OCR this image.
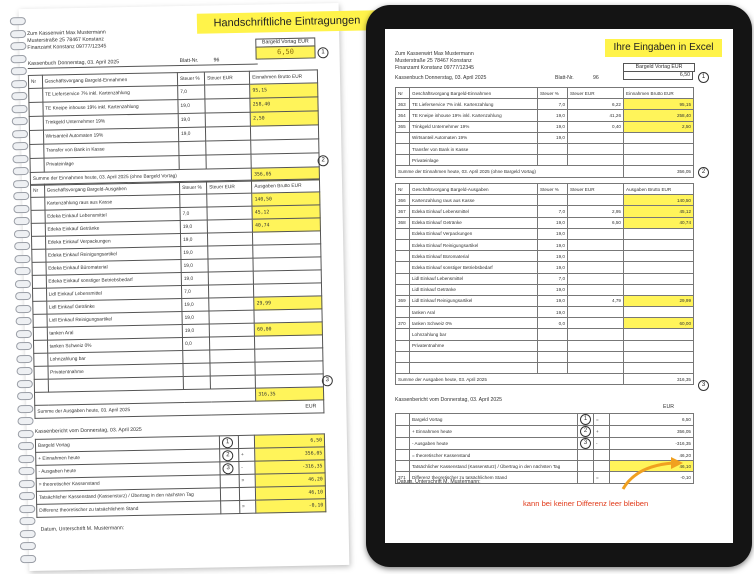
Handschriftliche Eintragungen
Zum Kassenwirt Max Mustermann
Musterstraße 25 78467 Konstanz
Finanzamt Konstanz 09777/12345
Bargeld Vortag EUR
6,50	1
Kassenbuch Donnerstag, 03. April 2025	Blatt-Nr.	96
Nr	Geschäftsvorgang Bargeld-Einnahmen	Steuer %	Steuer EUR	Einnahmen Brutto EUR
	TE Lieferservice 7% inkl. Kartenzahlung	7,0		95,15
	TE Kneipe inhouse 19% inkl. Kartenzahlung	19,0		258,40
	Trinkgeld Unternehmer 19%	19,0		2,50
	Wirtsanteil Automaten 19%	19,0		
	Transfer von Bank in Kasse			
	Privateinlage			
Summe der Einnahmen heute, 03. April 2025 (ohne Bargeld Vortag)				356,05
2
Nr	Geschäftsvorgang Bargeld-Ausgaben	Steuer %	Steuer EUR	Ausgaben Brutto EUR
	Kartenzahlung raus aus Kasse			140,50
	Edeka Einkauf Lebensmittel	7,0		45,12
	Edeka Einkauf Getränke	19,0		40,74
	Edeka Einkauf Verpackungen	19,0		
	Edeka Einkauf Reinigungsartikel	19,0		
	Edeka Einkauf Büromaterial	19,0		
	Edeka Einkauf sonstiger Betriebsbedarf	19,0		
	Lidl Einkauf Lebensmittel	7,0		
	Lidl Einkauf Getränke	19,0		29,99
	Lidl Einkauf Reinigungsartikel	19,0		
	tanken Aral	19,0		60,00
	tanken Schweiz 0%	0,0		
	Lohnzahlung bar			
	Privatentnahme			

				316,35
Summe der Ausgaben heute, 03. April 2025				
3
EUR
Kassenbericht vom Donnerstag, 03. April 2025
Bargeld Vortag	1		6,50
+ Einnahmen heute	2	+	356,05
- Ausgaben heute	3	-	-316,35
= theoretischer Kassenstand		=	46,20
Tatsächlicher Kassenstand (Kassensturz) / Übertrag in den nächsten Tag			46,10
Differenz theoretischer zu tatsächlichem Stand		=	-0,10
Datum, Unterschrift M. Mustermann:
Ihre Eingaben in Excel
Zum Kassenwirt Max Mustermann
Musterstraße 25 78467 Konstanz
Finanzamt Konstanz 09777/12345	Bargeld Vortag EUR
6,50	1
Kassenbuch Donnerstag, 03. April 2025	Blatt-Nr.	96
Nr	Geschäftsvorgang Bargeld-Einnahmen	Steuer %	Steuer EUR	Einnahmen Brutto EUR
363	TE Lieferservice 7% inkl. Kartenzahlung	7,0	6,22	95,15
364	TE Kneipe inhouse 19% inkl. Kartenzahlung	19,0	41,26	258,40
365	Trinkgeld Unternehmer 19%	19,0	0,40	2,50
	Wirtsanteil Automaten 19%	19,0		
	Transfer von Bank in Kasse			
	Privateinlage			
Summe der Einnahmen heute, 03. April 2025 (ohne Bargeld Vortag)				356,05	2
Nr	Geschäftsvorgang Bargeld-Ausgaben	Steuer %	Steuer EUR	Ausgaben Brutto EUR
366	Kartenzahlung raus aus Kasse			140,50
367	Edeka Einkauf Lebensmittel	7,0	2,95	45,12
368	Edeka Einkauf Getränke	19,0	6,50	40,74
	Edeka Einkauf Verpackungen	19,0		
	Edeka Einkauf Reinigungsartikel	19,0		
	Edeka Einkauf Büromaterial	19,0		
	Edeka Einkauf sonstiger Betriebsbedarf	19,0		
	Lidl Einkauf Lebensmittel	7,0		
	Lidl Einkauf Getränke	19,0		
369	Lidl Einkauf Reinigungsartikel	19,0	4,79	29,99
	tanken Aral	19,0		
370	tanken Schweiz 0%	0,0		60,00
	Lohnzahlung bar			
	Privatentnahme			

Summe der Ausgaben heute, 03. April 2025				316,35
3
Kassenbericht vom Donnerstag, 03. April 2025
EUR
	Bargeld Vortag	1	=	6,50
	+ Einnahmen heute	2	+	356,05
	- Ausgaben heute	3	-	-316,35
	= theoretischer Kassenstand			46,20
	Tatsächlicher Kassenstand (Kassensturz) / Übertrag in den nächsten Tag			46,10
371	Differenz theoretischer zu tatsächlichem Stand		=	-0,10
Datum, Unterschrift M. Mustermann:
kann bei keiner Differenz leer bleiben
